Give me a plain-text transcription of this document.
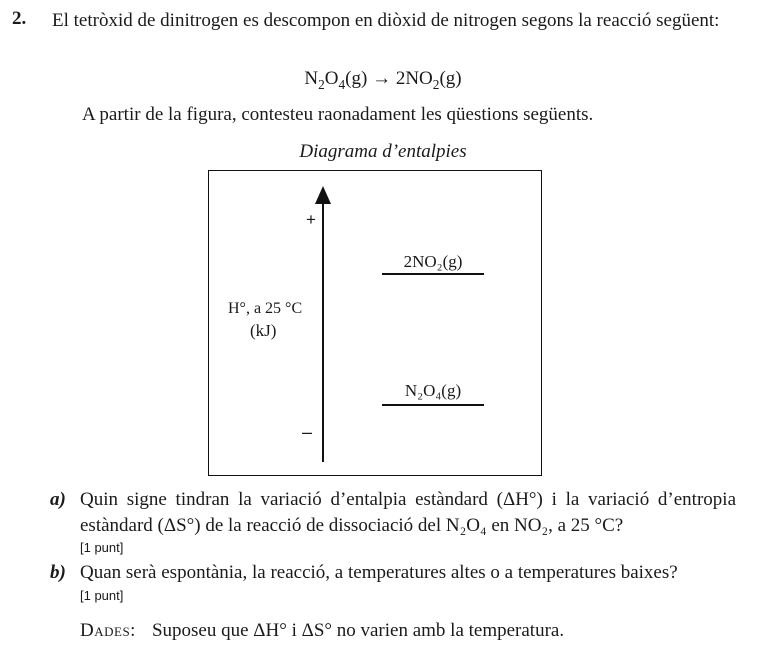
2. El tetròxid de dinitrogen es descompon en diòxid de nitrogen segons la reacció següent:
$N_2O_4(g) \to 2NO_2(g)$
A partir de la figura, contesteu raonadament les qüestions següents.
Diagrama d’entalpies
+
–
H°, a 25 °C
(kJ)
2NO₂(g)
N₂O₄(g)
a) Quin signe tindran la variació d’entalpia estàndard (ΔH°) i la variació d’entropia estàndard (ΔS°) de la reacció de dissociació del N₂O₄ en NO₂, a 25 °C?
[1 punt]
b) Quan serà espontània, la reacció, a temperatures altes o a temperatures baixes?
[1 punt]
Dades: Suposeu que ΔH° i ΔS° no varien amb la temperatura.
